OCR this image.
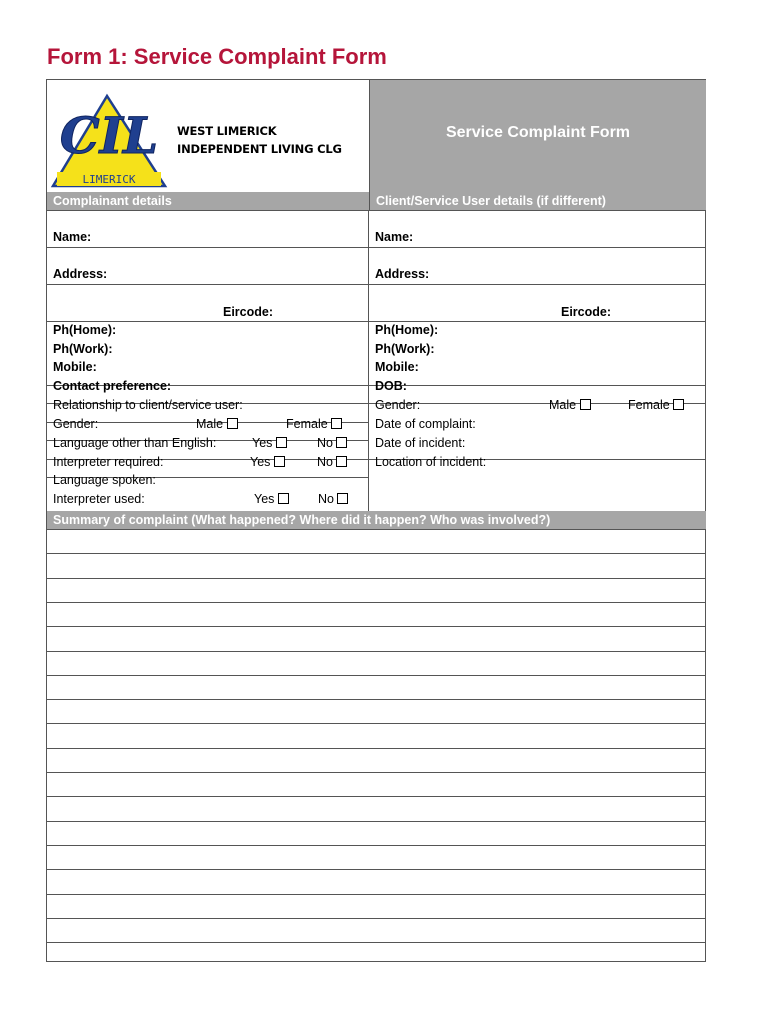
Form 1: Service Complaint Form
CIL
LIMERICK
WEST LIMERICK
INDEPENDENT LIVING CLG
Service Complaint Form
Complainant details	Client/Service User details (if different)
Name:
Address:
Eircode:
Ph(Home):
Ph(Work):
Mobile:
Contact preference:
Relationship to client/service user:
Gender:	Male	Female
Language other than English:	Yes	No
Interpreter required:	Yes	No
Language spoken:
Interpreter used:	Yes	No
Name:
Address:
Eircode:
Ph(Home):
Ph(Work):
Mobile:
DOB:
Gender:	Male	Female
Date of complaint:
Date of incident:
Location of incident:
Summary of complaint (What happened? Where did it happen? Who was involved?)
